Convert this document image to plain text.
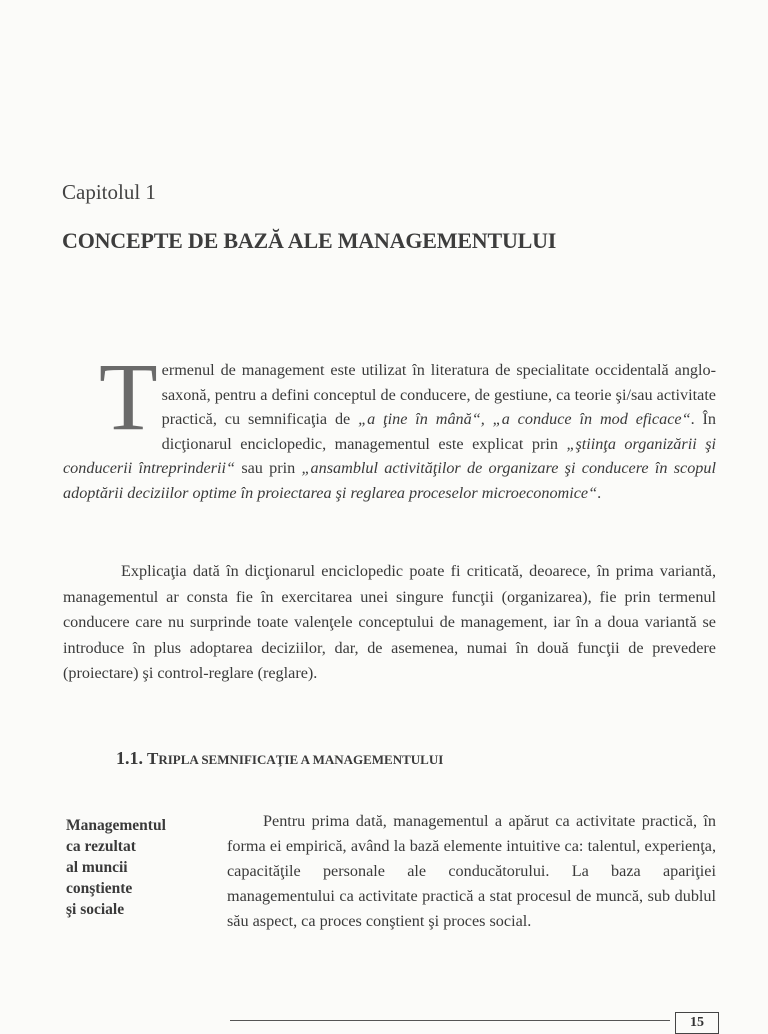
Capitolul 1
CONCEPTE DE BAZĂ ALE MANAGEMENTULUI

Termenul de management este utilizat în literatura de specialitate occidentală anglo-saxonă, pentru a defini conceptul de conducere, de gestiune, ca teorie şi/sau activitate practică, cu semnificaţia de „a ţine în mână“, „a conduce în mod eficace“. În dicţionarul enciclopedic, managementul este explicat prin „ştiinţa organizării şi conducerii întreprinderii“ sau prin „ansamblul activităţilor de organizare şi conducere în scopul adoptării deciziilor optime în proiectarea şi reglarea proceselor microeconomice“.

Explicaţia dată în dicţionarul enciclopedic poate fi criticată, deoarece, în prima variantă, managementul ar consta fie în exercitarea unei singure funcţii (organizarea), fie prin termenul conducere care nu surprinde toate valenţele conceptului de management, iar în a doua variantă se introduce în plus adoptarea deciziilor, dar, de asemenea, numai în două funcţii de prevedere (proiectare) şi control-reglare (reglare).

1.1. TRIPLA SEMNIFICAŢIE A MANAGEMENTULUI
Managementul
ca rezultat
al muncii
conştiente
şi sociale

Pentru prima dată, managementul a apărut ca activitate practică, în forma ei empirică, având la bază elemente intuitive ca: talentul, experienţa, capacităţile personale ale conducătorului. La baza apariţiei managementului ca activitate practică a stat procesul de muncă, sub dublul său aspect, ca proces conştient şi proces social.

15
